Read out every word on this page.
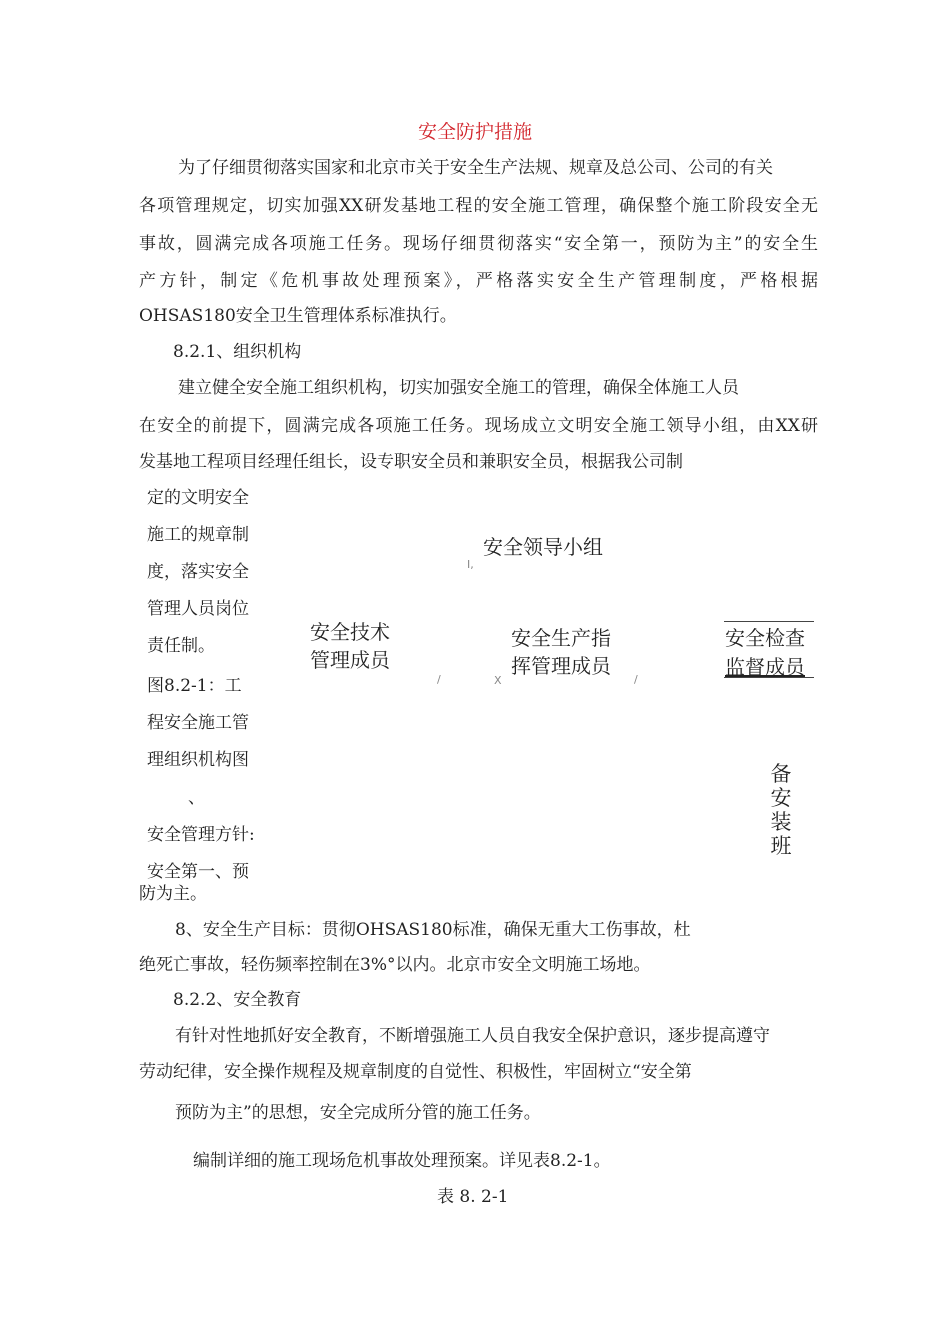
安全防护措施
为了仔细贯彻落实国家和北京市关于安全生产法规、规章及总公司、公司的有关
各项管理规定，切实加强XX研发基地工程的安全施工管理，确保整个施工阶段安全无
事故，圆满完成各项施工任务。现场仔细贯彻落实“安全第一，预防为主”的安全生
产方针，制定《危机事故处理预案》，严格落实安全生产管理制度，严格根据
OHSAS180安全卫生管理体系标准执行。
8.2.1、组织机构
建立健全安全施工组织机构，切实加强安全施工的管理，确保全体施工人员
在安全的前提下，圆满完成各项施工任务。现场成立文明安全施工领导小组，由XX研
发基地工程项目经理任组长，设专职安全员和兼职安全员，根据我公司制
定的文明安全
施工的规章制
度，落实安全
管理人员岗位
责任制。
图8.2-1：工
程安全施工管
理组织机构图
、
安全管理方针:
安全第一、预
防为主。
I,
安全领导小组
安全技术
管理成员
安全生产指
挥管理成员
安全检查
监督成员
/	X	/
备
安
装
班
8、安全生产目标：贯彻OHSAS180标准，确保无重大工伤事故，杜
绝死亡事故，轻伤频率控制在3%°以内。北京市安全文明施工场地。
8.2.2、安全教育
有针对性地抓好安全教育，不断增强施工人员自我安全保护意识，逐步提高遵守
劳动纪律，安全操作规程及规章制度的自觉性、积极性，牢固树立“安全第
预防为主”的思想，安全完成所分管的施工任务。
编制详细的施工现场危机事故处理预案。详见表8.2-1。
表 8. 2-1
